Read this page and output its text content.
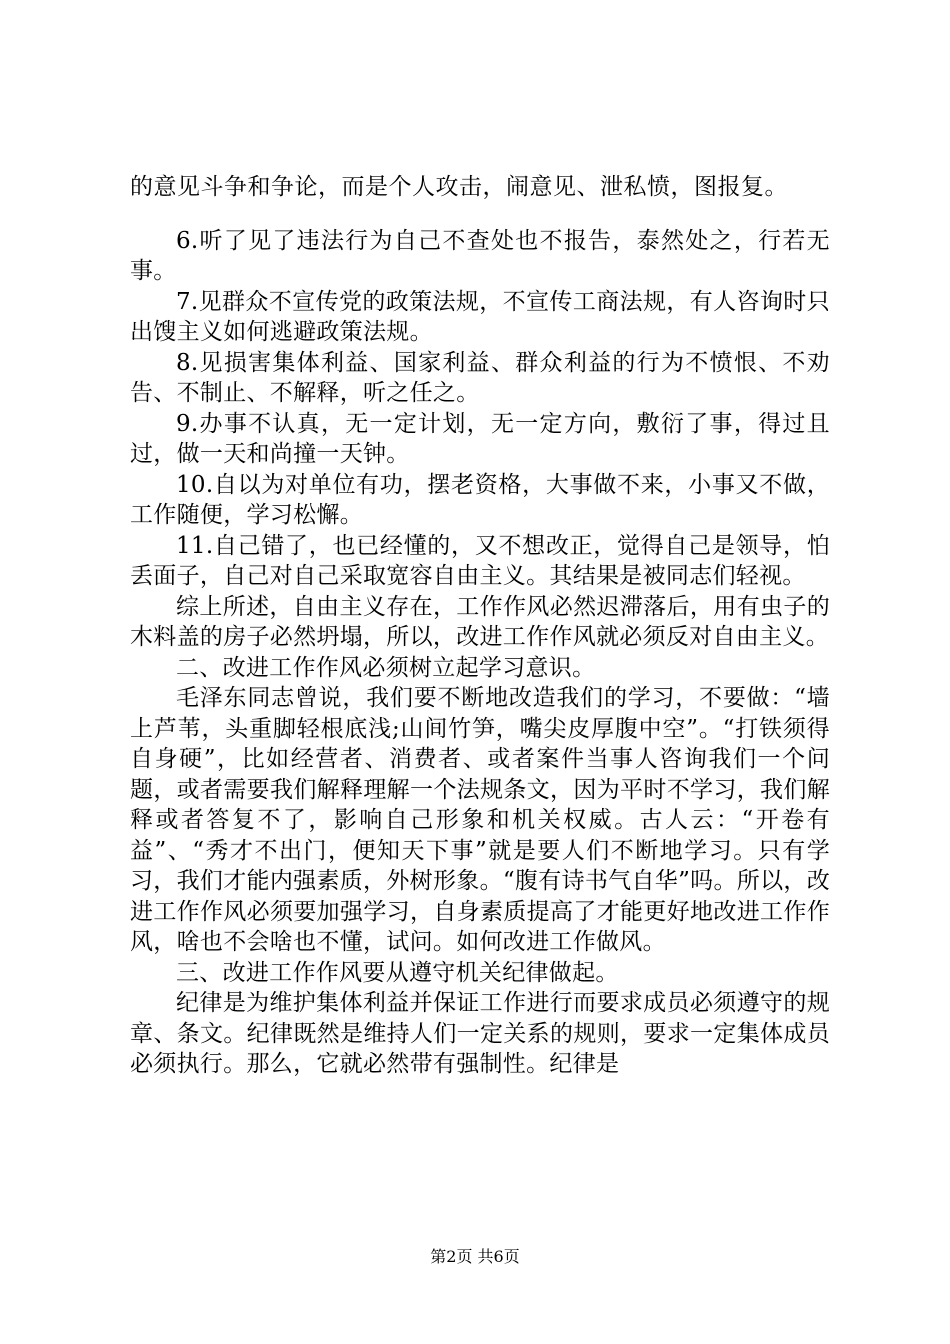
的意见斗争和争论，而是个人攻击，闹意见、泄私愤，图报复。

6.听了见了违法行为自己不查处也不报告，泰然处之，行若无事。

7.见群众不宣传党的政策法规，不宣传工商法规，有人咨询时只出馊主义如何逃避政策法规。

8.见损害集体利益、国家利益、群众利益的行为不愤恨、不劝告、不制止、不解释，听之任之。

9.办事不认真，无一定计划，无一定方向，敷衍了事，得过且过，做一天和尚撞一天钟。

10.自以为对单位有功，摆老资格，大事做不来，小事又不做，工作随便，学习松懈。

11.自己错了，也已经懂的，又不想改正，觉得自己是领导，怕丢面子，自己对自己采取宽容自由主义。其结果是被同志们轻视。

综上所述，自由主义存在，工作作风必然迟滞落后，用有虫子的木料盖的房子必然坍塌，所以，改进工作作风就必须反对自由主义。

二、改进工作作风必须树立起学习意识。

毛泽东同志曾说，我们要不断地改造我们的学习，不要做：“墙上芦苇，头重脚轻根底浅;山间竹笋，嘴尖皮厚腹中空”。“打铁须得自身硬”，比如经营者、消费者、或者案件当事人咨询我们一个问题，或者需要我们解释理解一个法规条文，因为平时不学习，我们解释或者答复不了，影响自己形象和机关权威。古人云：“开卷有益”、“秀才不出门，便知天下事”就是要人们不断地学习。只有学习，我们才能内强素质，外树形象。“腹有诗书气自华”吗。所以，改进工作作风必须要加强学习，自身素质提高了才能更好地改进工作作风，啥也不会啥也不懂，试问。如何改进工作做风。

三、改进工作作风要从遵守机关纪律做起。

纪律是为维护集体利益并保证工作进行而要求成员必须遵守的规章、条文。纪律既然是维持人们一定关系的规则，要求一定集体成员必须执行。那么，它就必然带有强制性。纪律是

第2页 共6页
